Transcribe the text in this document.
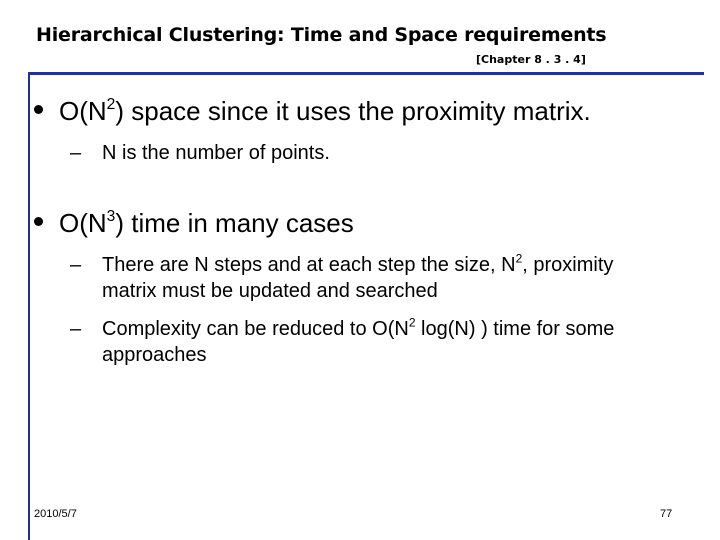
Hierarchical Clustering: Time and Space requirements
[Chapter 8 . 3 . 4]
$O(N^2)$ space since it uses the proximity matrix.
– N is the number of points.
$O(N^3)$ time in many cases
– There are N steps and at each step the size, $N^2$, proximity matrix must be updated and searched
– Complexity can be reduced to $O(N^2$ log(N) ) time for some approaches
2010/5/7	77
